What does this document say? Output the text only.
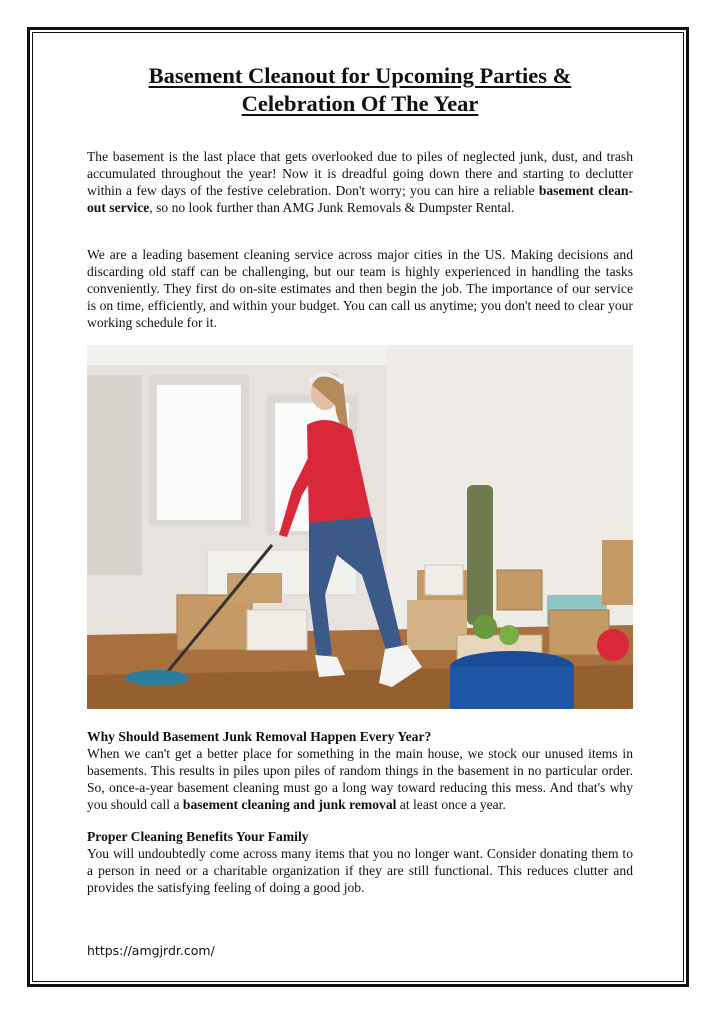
Basement Cleanout for Upcoming Parties &
Celebration Of The Year

The basement is the last place that gets overlooked due to piles of neglected junk, dust, and trash accumulated throughout the year! Now it is dreadful going down there and starting to declutter within a few days of the festive celebration. Don't worry; you can hire a reliable basement clean-out service, so no look further than AMG Junk Removals & Dumpster Rental.

We are a leading basement cleaning service across major cities in the US. Making decisions and discarding old staff can be challenging, but our team is highly experienced in handling the tasks conveniently. They first do on-site estimates and then begin the job. The importance of our service is on time, efficiently, and within your budget. You can call us anytime; you don't need to clear your working schedule for it.

Why Should Basement Junk Removal Happen Every Year?
When we can't get a better place for something in the main house, we stock our unused items in basements. This results in piles upon piles of random things in the basement in no particular order. So, once-a-year basement cleaning must go a long way toward reducing this mess. And that's why you should call a basement cleaning and junk removal at least once a year.

Proper Cleaning Benefits Your Family
You will undoubtedly come across many items that you no longer want. Consider donating them to a person in need or a charitable organization if they are still functional. This reduces clutter and provides the satisfying feeling of doing a good job.

https://amgjrdr.com/
